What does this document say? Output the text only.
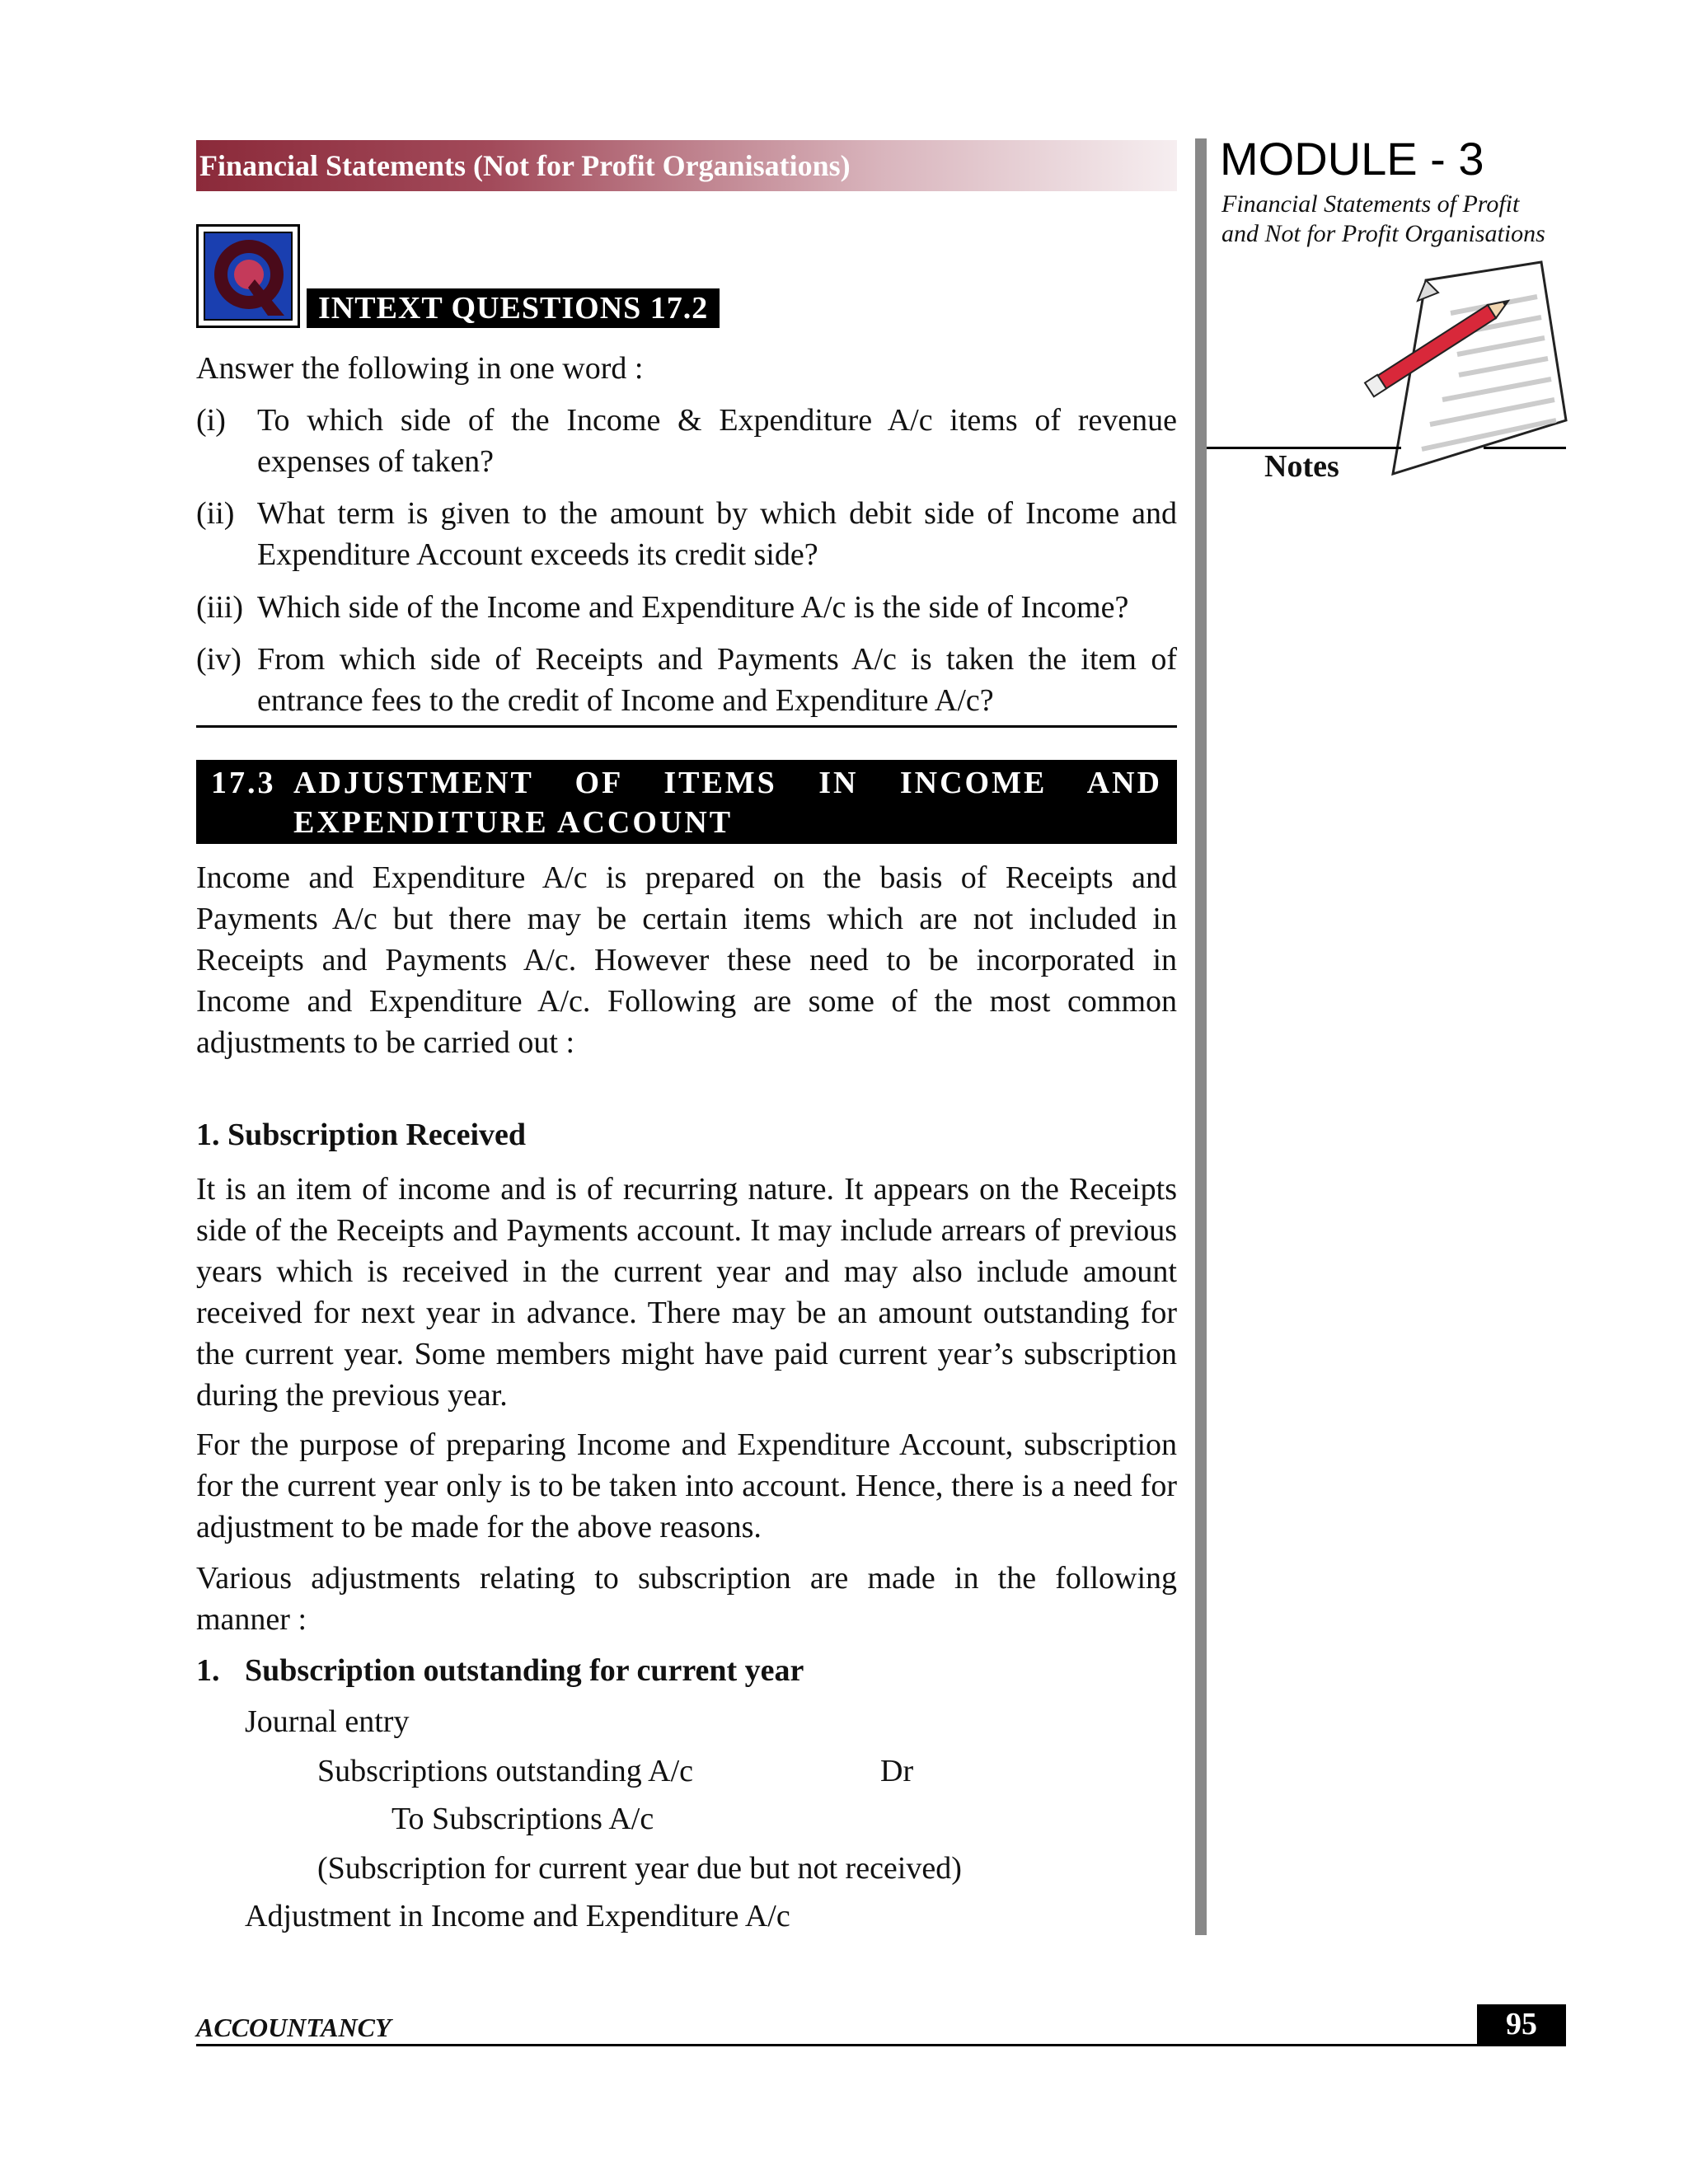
Financial Statements (Not for Profit Organisations)
INTEXT QUESTIONS 17.2
Answer the following in one word :
(i) To which side of the Income & Expenditure A/c items of revenue expenses of taken?
(ii) What term is given to the amount by which debit side of Income and Expenditure Account exceeds its credit side?
(iii) Which side of the Income and Expenditure A/c is the side of Income?
(iv) From which side of Receipts and Payments A/c is taken the item of entrance fees to the credit of Income and Expenditure A/c?
17.3 ADJUSTMENT OF ITEMS IN INCOME AND
EXPENDITURE ACCOUNT
Income and Expenditure A/c is prepared on the basis of Receipts and Payments A/c but there may be certain items which are not included in Receipts and Payments A/c. However these need to be incorporated in Income and Expenditure A/c. Following are some of the most common adjustments to be carried out :
1. Subscription Received
It is an item of income and is of recurring nature. It appears on the Receipts side of the Receipts and Payments account. It may include arrears of previous years which is received in the current year and may also include amount received for next year in advance. There may be an amount outstanding for the current year. Some members might have paid current year’s subscription during the previous year.
For the purpose of preparing Income and Expenditure Account, subscription for the current year only is to be taken into account. Hence, there is a need for adjustment to be made for the above reasons.
Various adjustments relating to subscription are made in the following manner :
1. Subscription outstanding for current year
Journal entry
Subscriptions outstanding A/c	Dr
To Subscriptions A/c
(Subscription for current year due but not received)
Adjustment in Income and Expenditure A/c
MODULE - 3
Financial Statements of Profit
and Not for Profit Organisations
Notes
ACCOUNTANCY	95
